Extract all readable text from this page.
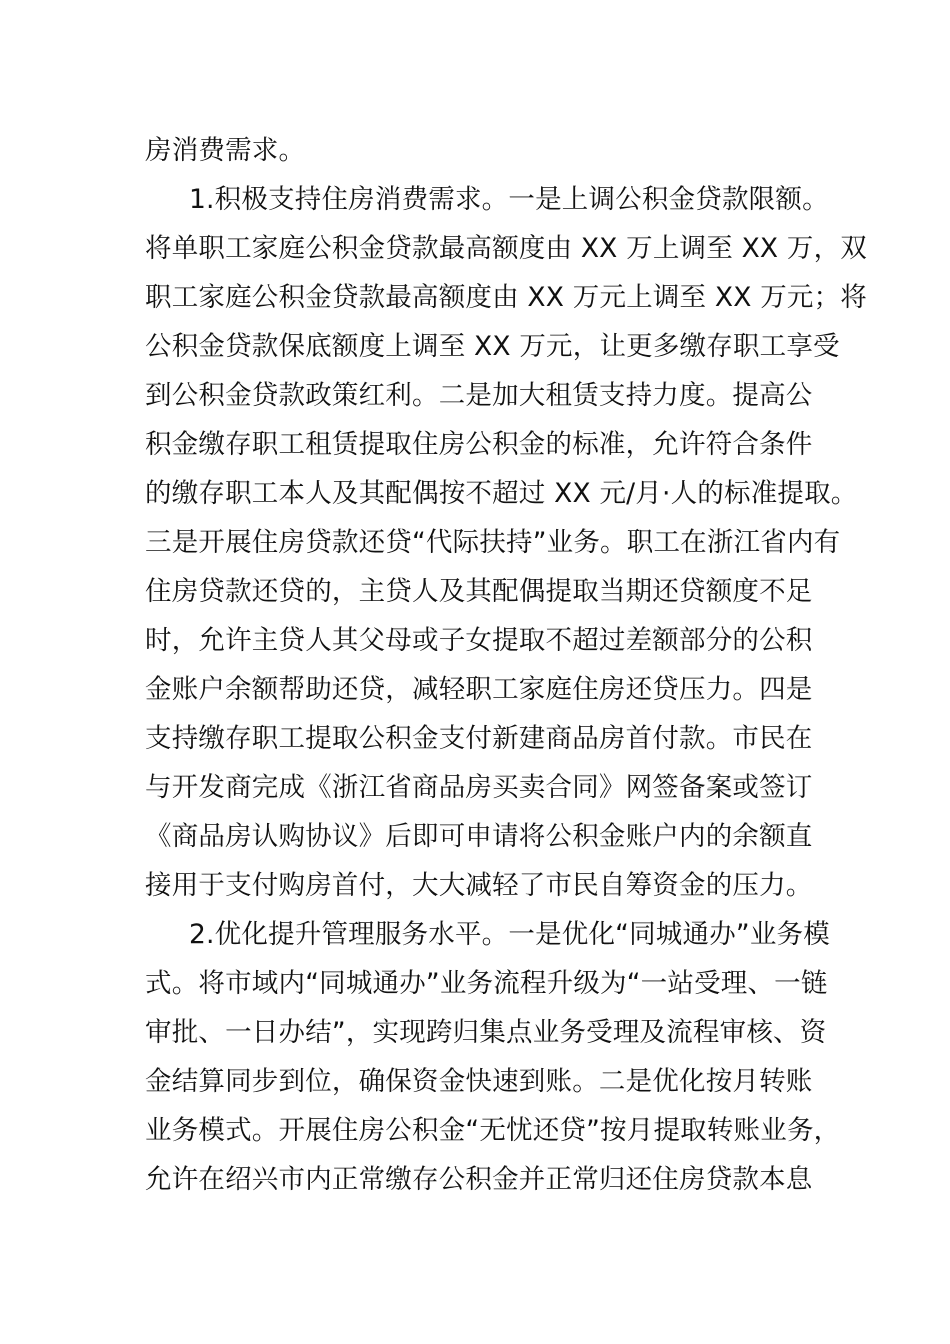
房消费需求。
1.积极支持住房消费需求。一是上调公积金贷款限额。
将单职工家庭公积金贷款最高额度由 XX 万上调至 XX 万，双
职工家庭公积金贷款最高额度由 XX 万元上调至 XX 万元；将
公积金贷款保底额度上调至 XX 万元，让更多缴存职工享受
到公积金贷款政策红利。二是加大租赁支持力度。提高公
积金缴存职工租赁提取住房公积金的标准，允许符合条件
的缴存职工本人及其配偶按不超过 XX 元/月·人的标准提取。
三是开展住房贷款还贷“代际扶持”业务。职工在浙江省内有
住房贷款还贷的，主贷人及其配偶提取当期还贷额度不足
时，允许主贷人其父母或子女提取不超过差额部分的公积
金账户余额帮助还贷，减轻职工家庭住房还贷压力。四是
支持缴存职工提取公积金支付新建商品房首付款。市民在
与开发商完成《浙江省商品房买卖合同》网签备案或签订
《商品房认购协议》后即可申请将公积金账户内的余额直
接用于支付购房首付，大大减轻了市民自筹资金的压力。
2.优化提升管理服务水平。一是优化“同城通办”业务模
式。将市域内“同城通办”业务流程升级为“一站受理、一链
审批、一日办结”，实现跨归集点业务受理及流程审核、资
金结算同步到位，确保资金快速到账。二是优化按月转账
业务模式。开展住房公积金“无忧还贷”按月提取转账业务，
允许在绍兴市内正常缴存公积金并正常归还住房贷款本息
